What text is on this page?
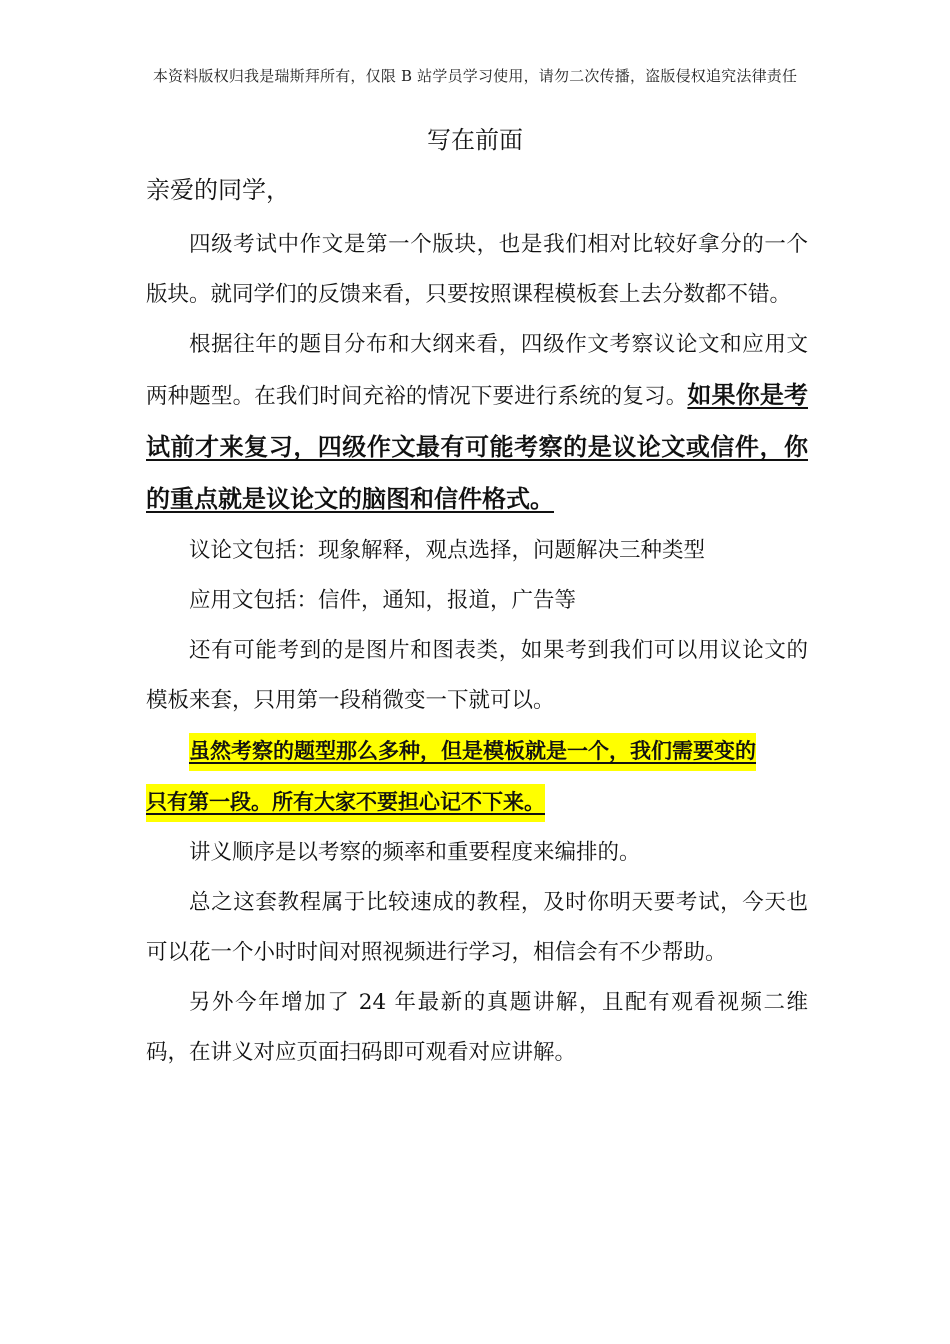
本资料版权归我是瑞斯拜所有，仅限 B 站学员学习使用，请勿二次传播，盗版侵权追究法律责任
写在前面
亲爱的同学，

四级考试中作文是第一个版块，也是我们相对比较好拿分的一个版块。就同学们的反馈来看，只要按照课程模板套上去分数都不错。

根据往年的题目分布和大纲来看，四级作文考察议论文和应用文两种题型。在我们时间充裕的情况下要进行系统的复习。如果你是考试前才来复习，四级作文最有可能考察的是议论文或信件，你的重点就是议论文的脑图和信件格式。

议论文包括：现象解释，观点选择，问题解决三种类型

应用文包括：信件，通知，报道，广告等

还有可能考到的是图片和图表类，如果考到我们可以用议论文的模板来套，只用第一段稍微变一下就可以。

虽然考察的题型那么多种，但是模板就是一个，我们需要变的
只有第一段。所有大家不要担心记不下来。

讲义顺序是以考察的频率和重要程度来编排的。

总之这套教程属于比较速成的教程，及时你明天要考试，今天也可以花一个小时时间对照视频进行学习，相信会有不少帮助。

另外今年增加了 24 年最新的真题讲解，且配有观看视频二维码，在讲义对应页面扫码即可观看对应讲解。
